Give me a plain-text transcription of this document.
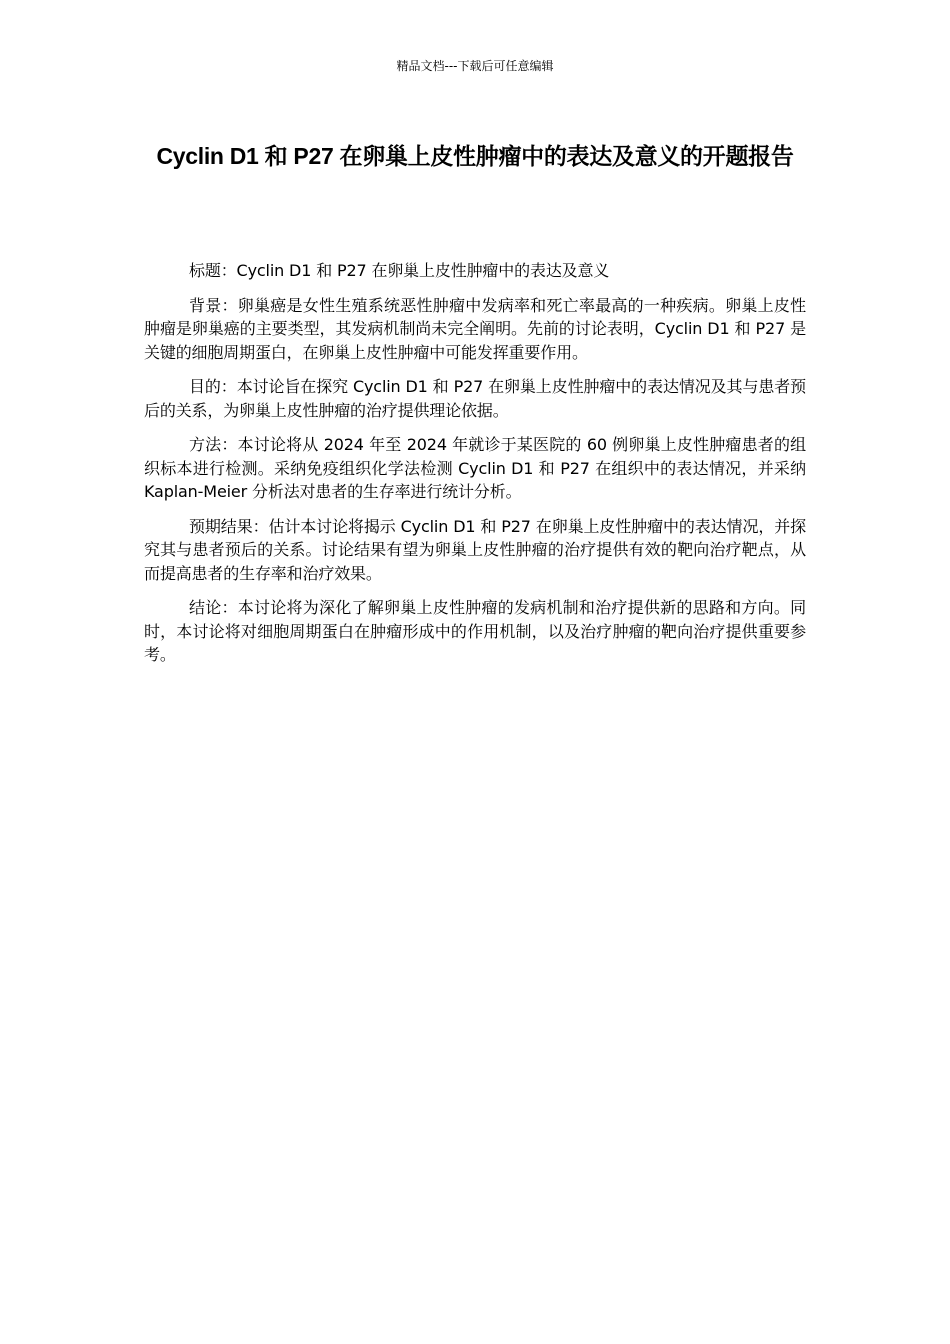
精品文档---下载后可任意编辑
Cyclin D1 和 P27 在卵巢上皮性肿瘤中的表达及意义的开题报告

标题：Cyclin D1 和 P27 在卵巢上皮性肿瘤中的表达及意义

背景：卵巢癌是女性生殖系统恶性肿瘤中发病率和死亡率最高的一种疾病。卵巢上皮性肿瘤是卵巢癌的主要类型，其发病机制尚未完全阐明。先前的讨论表明，Cyclin D1 和 P27 是关键的细胞周期蛋白，在卵巢上皮性肿瘤中可能发挥重要作用。

目的：本讨论旨在探究 Cyclin D1 和 P27 在卵巢上皮性肿瘤中的表达情况及其与患者预后的关系，为卵巢上皮性肿瘤的治疗提供理论依据。

方法：本讨论将从 2024 年至 2024 年就诊于某医院的 60 例卵巢上皮性肿瘤患者的组织标本进行检测。采纳免疫组织化学法检测 Cyclin D1 和 P27 在组织中的表达情况，并采纳 Kaplan-Meier 分析法对患者的生存率进行统计分析。

预期结果：估计本讨论将揭示 Cyclin D1 和 P27 在卵巢上皮性肿瘤中的表达情况，并探究其与患者预后的关系。讨论结果有望为卵巢上皮性肿瘤的治疗提供有效的靶向治疗靶点，从而提高患者的生存率和治疗效果。

结论：本讨论将为深化了解卵巢上皮性肿瘤的发病机制和治疗提供新的思路和方向。同时，本讨论将对细胞周期蛋白在肿瘤形成中的作用机制，以及治疗肿瘤的靶向治疗提供重要参考。
